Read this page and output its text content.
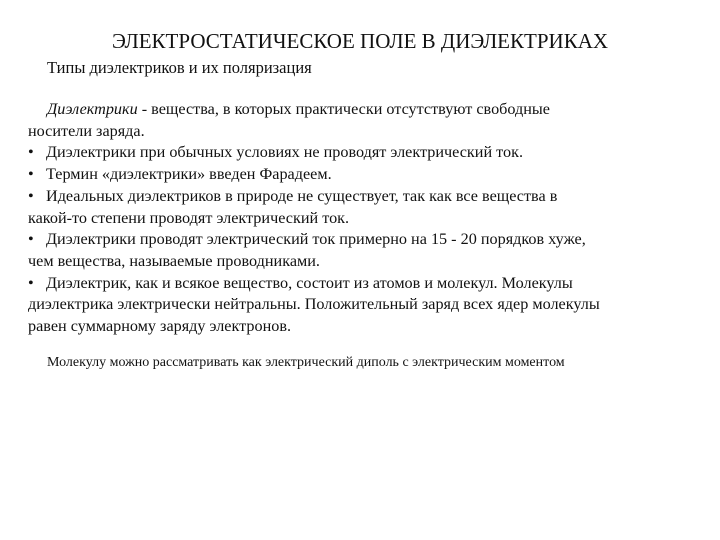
ЭЛЕКТРОСТАТИЧЕСКОЕ ПОЛЕ В ДИЭЛЕКТРИКАХ
Типы диэлектриков и их поляризация
Диэлектрики - вещества, в которых практически отсутствуют свободные
носители заряда.
• Диэлектрики при обычных условиях не проводят электрический ток.
• Термин «диэлектрики» введен Фарадеем.
• Идеальных диэлектриков в природе не существует, так как все вещества в
какой-то степени проводят электрический ток.
• Диэлектрики проводят электрический ток примерно на 15 - 20 порядков хуже,
чем вещества, называемые проводниками.
• Диэлектрик, как и всякое вещество, состоит из атомов и молекул. Молекулы
диэлектрика электрически нейтральны. Положительный заряд всех ядер молекулы
равен суммарному заряду электронов.
Молекулу можно рассматривать как электрический диполь с электрическим моментом
